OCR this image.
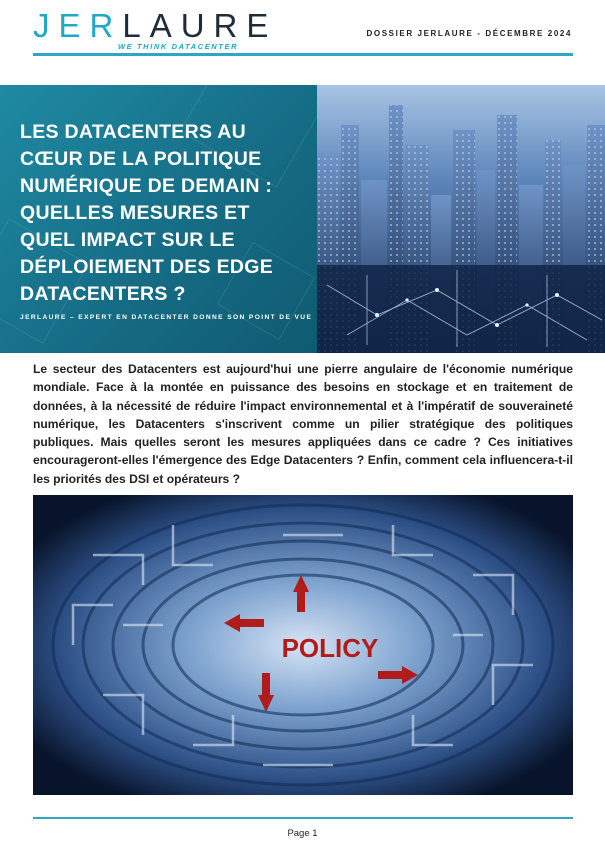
JERLAURE
WE THINK DATACENTER
DOSSIER JERLAURE - DÉCEMBRE 2024
LES DATACENTERS AU CŒUR DE LA POLITIQUE NUMÉRIQUE DE DEMAIN : QUELLES MESURES ET QUEL IMPACT SUR LE DÉPLOIEMENT DES EDGE DATACENTERS ?
JERLAURE – EXPERT EN DATACENTER DONNE SON POINT DE VUE

Le secteur des Datacenters est aujourd'hui une pierre angulaire de l'économie numérique mondiale. Face à la montée en puissance des besoins en stockage et en traitement de données, à la nécessité de réduire l'impact environnemental et à l'impératif de souveraineté numérique, les Datacenters s'inscrivent comme un pilier stratégique des politiques publiques. Mais quelles seront les mesures appliquées dans ce cadre ? Ces initiatives encourageront-elles l'émergence des Edge Datacenters ? Enfin, comment cela influencera-t-il les priorités des DSI et opérateurs ?

POLICY
Page 1
